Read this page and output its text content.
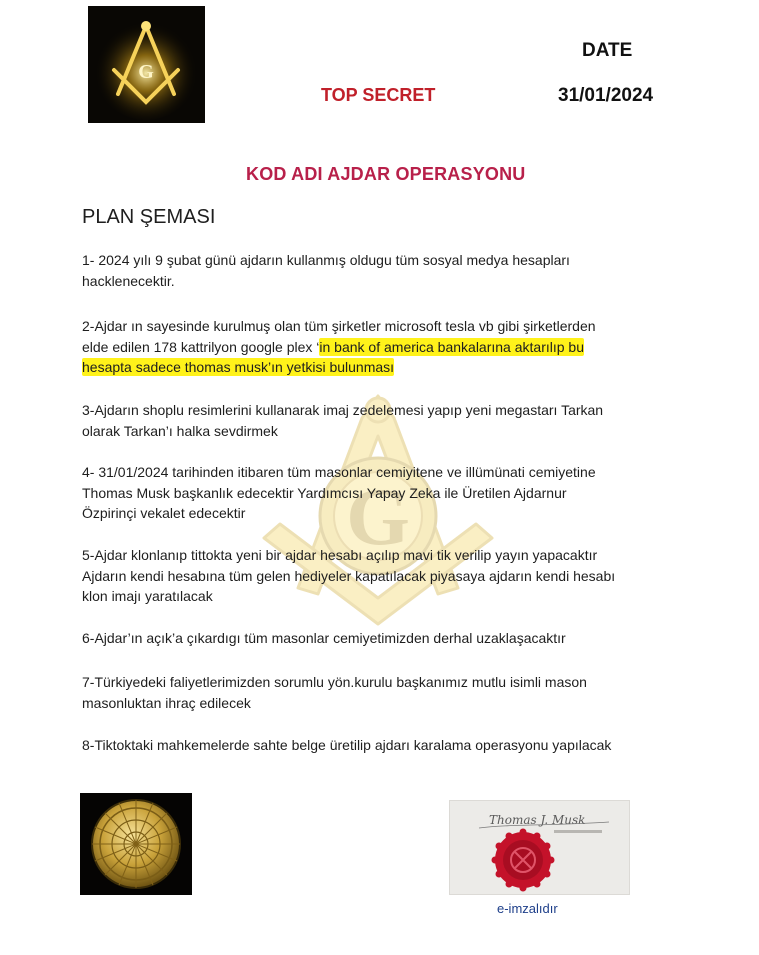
G
DATE
TOP SECRET	31/01/2024
KOD ADI AJDAR OPERASYONU
PLAN ŞEMASI
G
1- 2024 yılı 9 şubat günü ajdarın kullanmış oldugu tüm sosyal medya hesapları
hacklenecektir.
2-Ajdar ın sayesinde kurulmuş olan tüm şirketler microsoft tesla vb gibi şirketlerden
elde edilen 178 kattrilyon google plex ‘in bank of america bankalarına aktarılıp bu
hesapta sadece thomas musk’ın yetkisi bulunması
3-Ajdarın shoplu resimlerini kullanarak imaj zedelemesi yapıp yeni megastarı Tarkan
olarak Tarkan’ı halka sevdirmek
4- 31/01/2024 tarihinden itibaren tüm masonlar cemiyitene ve illümünati cemiyetine
Thomas Musk başkanlık edecektir Yardımcısı Yapay Zeka ile Üretilen Ajdarnur
Özpirinçi vekalet edecektir
5-Ajdar klonlanıp tittokta yeni bir ajdar hesabı açılıp mavi tik verilip yayın yapacaktır
Ajdarın kendi hesabına tüm gelen hediyeler kapatılacak piyasaya ajdarın kendi hesabı
klon imajı yaratılacak
6-Ajdar’ın açık’a çıkardıgı tüm masonlar cemiyetimizden derhal uzaklaşacaktır
7-Türkiyedeki faliyetlerimizden sorumlu yön.kurulu başkanımız mutlu isimli mason
masonluktan ihraç edilecek
8-Tiktoktaki mahkemelerde sahte belge üretilip ajdarı karalama operasyonu yapılacak
Thomas J. Musk
e-imzalıdır
